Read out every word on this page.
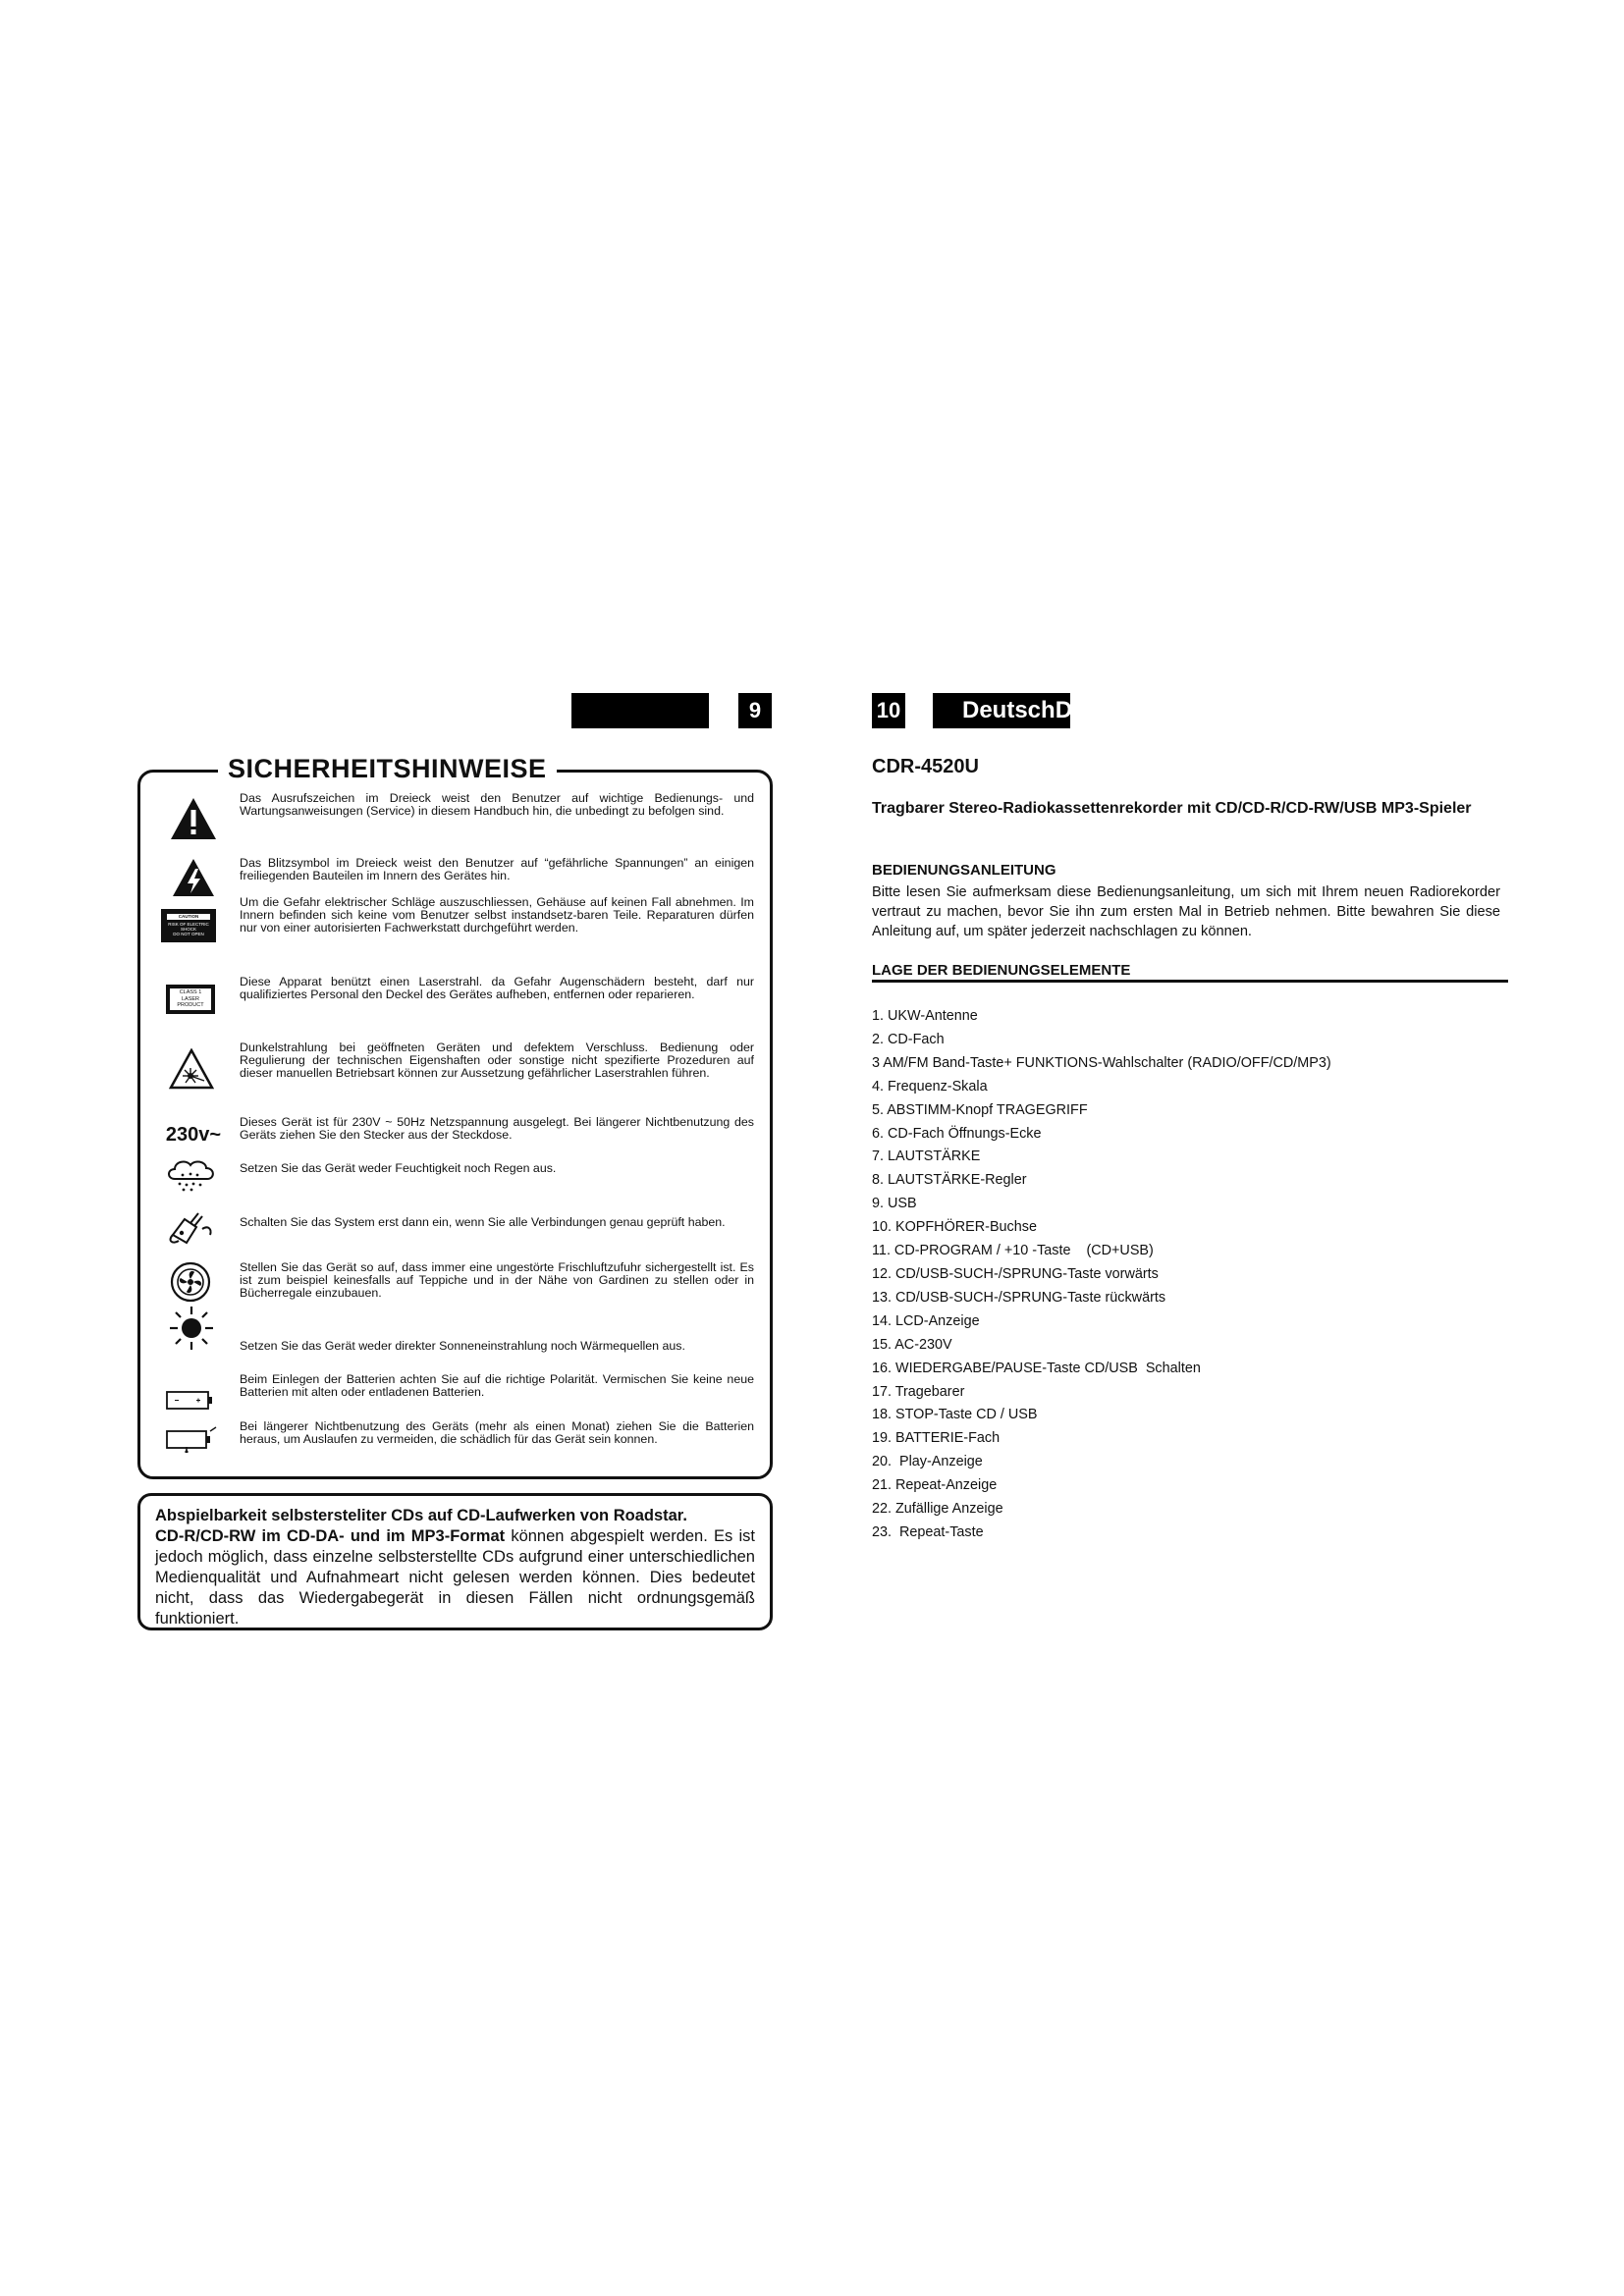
9	10	DeutschDe
Das Ausrufszeichen im Dreieck weist den Benutzer auf wichtige Bedienungs- und Wartungsanweisungen (Service) in diesem Handbuch hin, die unbedingt zu befolgen sind.
Das Blitzsymbol im Dreieck weist den Benutzer auf “gefährliche Spannungen” an einigen freiliegenden Bauteilen im Innern des Gerätes hin.
CAUTION
RISK OF ELECTRIC
SHOCK
DO NOT OPEN
Um die Gefahr elektrischer Schläge auszuschliessen, Gehäuse auf keinen Fall abnehmen. Im Innern befinden sich keine vom Benutzer selbst instandsetz-baren Teile. Reparaturen dürfen nur von einer autorisierten Fachwerkstatt durchgeführt werden.
CLASS 1
LASER PRODUCT
Diese Apparat benützt einen Laserstrahl. da Gefahr Augenschädern besteht, darf nur qualifiziertes Personal den Deckel des Gerätes aufheben, entfernen oder reparieren.
Dunkelstrahlung bei geöffneten Geräten und defektem Verschluss. Bedienung oder Regulierung der technischen Eigenshaften oder sonstige nicht spezifierte Prozeduren auf dieser manuellen Betriebsart können zur Aussetzung gefährlicher Laserstrahlen führen.
230v~
Dieses Gerät ist für 230V ~ 50Hz Netzspannung ausgelegt. Bei längerer Nichtbenutzung des Geräts ziehen Sie den Stecker aus der Steckdose.
Setzen Sie das Gerät weder Feuchtigkeit noch Regen aus.
Schalten Sie das System erst dann ein, wenn Sie alle Verbindungen genau geprüft haben.
Stellen Sie das Gerät so auf, dass immer eine ungestörte Frischluftzufuhr sichergestellt ist. Es ist zum beispiel keinesfalls auf Teppiche und in der Nähe von Gardinen zu stellen oder in Bücherregale einzubauen.
Setzen Sie das Gerät weder direkter Sonneneinstrahlung noch Wärmequellen aus.
Beim Einlegen der Batterien achten Sie auf die richtige Polarität. Vermischen Sie keine neue Batterien mit alten oder entladenen Batterien.
Bei längerer Nichtbenutzung des Geräts (mehr als einen Monat) ziehen Sie die Batterien heraus, um Auslaufen zu vermeiden, die schädlich für das Gerät sein konnen.
SICHERHEITSHINWEISE
Abspielbarkeit selbstersteliter CDs auf CD-Laufwerken von Roadstar.
CD-R/CD-RW im CD-DA- und im MP3-Format können abgespielt werden. Es ist jedoch möglich, dass einzelne selbsterstellte CDs aufgrund einer unterschiedlichen Medienqualität und Aufnahmeart nicht gelesen werden können. Dies bedeutet nicht, dass das Wiedergabegerät in diesen Fällen nicht ordnungsgemäß funktioniert.
CDR-4520U
Tragbarer Stereo-Radiokassettenrekorder mit CD/CD-R/CD-RW/USB MP3-Spieler
BEDIENUNGSANLEITUNG
Bitte lesen Sie aufmerksam diese Bedienungsanleitung, um sich mit Ihrem neuen Radiorekorder vertraut zu machen, bevor Sie ihn zum ersten Mal in Betrieb nehmen. Bitte bewahren Sie diese Anleitung auf, um später jederzeit nachschlagen zu können.
LAGE DER BEDIENUNGSELEMENTE
1. UKW-Antenne
2. CD-Fach
3 AM/FM Band-Taste+ FUNKTIONS-Wahlschalter (RADIO/OFF/CD/MP3)
4. Frequenz-Skala
5. ABSTIMM-Knopf TRAGEGRIFF
6. CD-Fach Öffnungs-Ecke
7. LAUTSTÄRKE
8. LAUTSTÄRKE-Regler
9. USB
10. KOPFHÖRER-Buchse
11. CD-PROGRAM / +10 -Taste    (CD+USB)
12. CD/USB-SUCH-/SPRUNG-Taste vorwärts
13. CD/USB-SUCH-/SPRUNG-Taste rückwärts
14. LCD-Anzeige
15. AC-230V
16. WIEDERGABE/PAUSE-Taste CD/USB  Schalten
17. Tragebarer
18. STOP-Taste CD / USB
19. BATTERIE-Fach
20.  Play-Anzeige
21. Repeat-Anzeige
22. Zufällige Anzeige
23.  Repeat-Taste
